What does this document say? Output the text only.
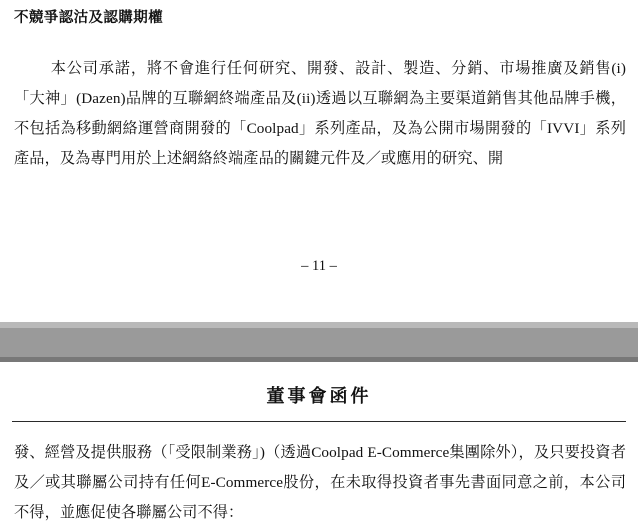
不競爭認沽及認購期權
本公司承諾，將不會進行任何研究、開發、設計、製造、分銷、市場推廣及銷售(i)「大神」(Dazen)品牌的互聯網終端產品及(ii)透過以互聯網為主要渠道銷售其他品牌手機，不包括為移動網絡運營商開發的「Coolpad」系列產品，及為公開市場開發的「IVVI」系列產品，及為專門用於上述網絡終端產品的關鍵元件及／或應用的研究、開
– 11 –
董事會函件
發、經營及提供服務（「受限制業務」)（透過Coolpad E-Commerce集團除外），及只要投資者及／或其聯屬公司持有任何E-Commerce股份，在未取得投資者事先書面同意之前，本公司不得，並應促使各聯屬公司不得：
